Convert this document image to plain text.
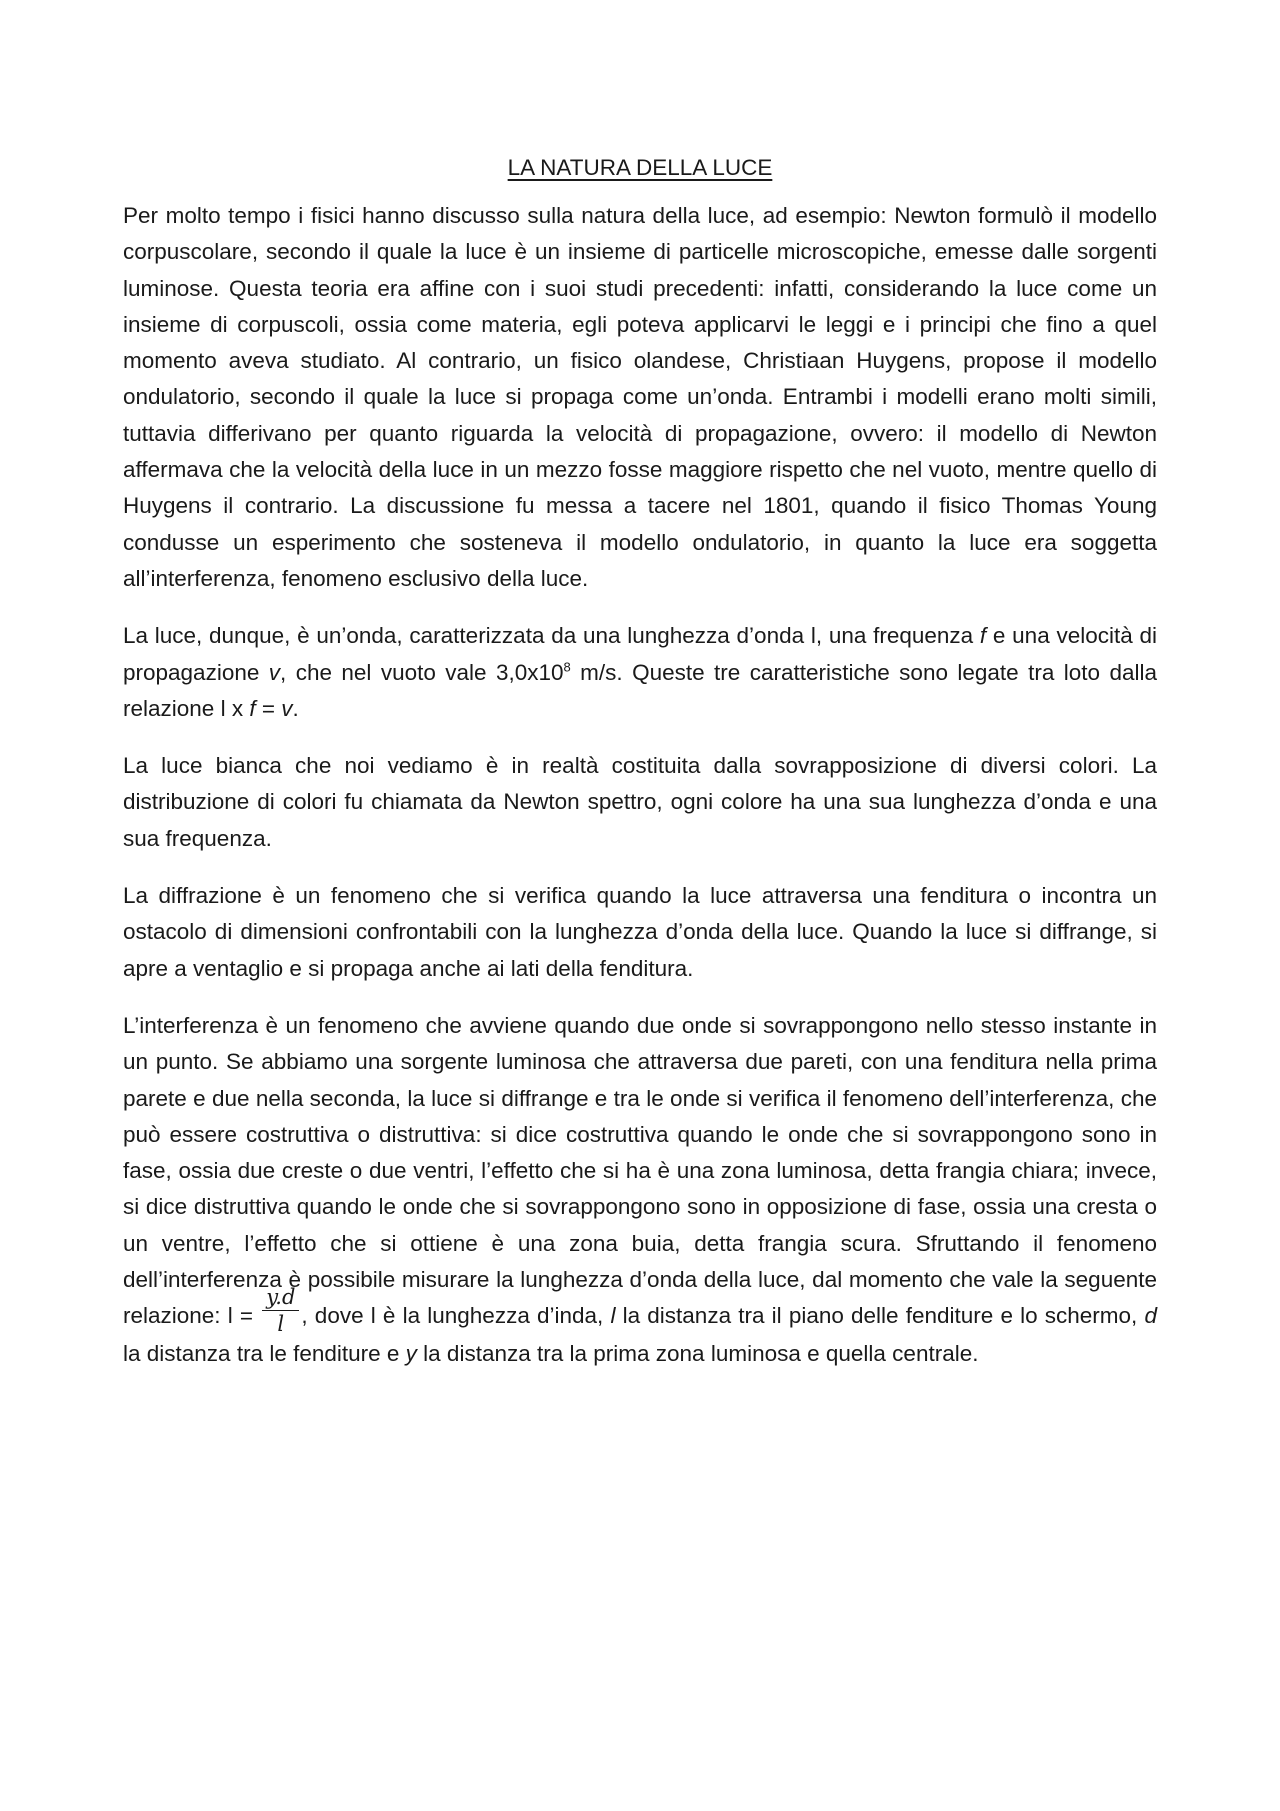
LA NATURA DELLA LUCE

Per molto tempo i fisici hanno discusso sulla natura della luce, ad esempio: Newton formulò il modello corpuscolare, secondo il quale la luce è un insieme di particelle microscopiche, emesse dalle sorgenti luminose. Questa teoria era affine con i suoi studi precedenti: infatti, considerando la luce come un insieme di corpuscoli, ossia come materia, egli poteva applicarvi le leggi e i principi che fino a quel momento aveva studiato. Al contrario, un fisico olandese, Christiaan Huygens, propose il modello ondulatorio, secondo il quale la luce si propaga come un’onda. Entrambi i modelli erano molti simili, tuttavia differivano per quanto riguarda la velocità di propagazione, ovvero: il modello di Newton affermava che la velocità della luce in un mezzo fosse maggiore rispetto che nel vuoto, mentre quello di Huygens il contrario. La discussione fu messa a tacere nel 1801, quando il fisico Thomas Young condusse un esperimento che sosteneva il modello ondulatorio, in quanto la luce era soggetta all’interferenza, fenomeno esclusivo della luce.

La luce, dunque, è un’onda, caratterizzata da una lunghezza d’onda l, una frequenza f e una velocità di propagazione v, che nel vuoto vale $3,0x10^8$ m/s. Queste tre caratteristiche sono legate tra loto dalla relazione l x f = v.

La luce bianca che noi vediamo è in realtà costituita dalla sovrapposizione di diversi colori. La distribuzione di colori fu chiamata da Newton spettro, ogni colore ha una sua lunghezza d’onda e una sua frequenza.

La diffrazione è un fenomeno che si verifica quando la luce attraversa una fenditura o incontra un ostacolo di dimensioni confrontabili con la lunghezza d’onda della luce. Quando la luce si diffrange, si apre a ventaglio e si propaga anche ai lati della fenditura.

L’interferenza è un fenomeno che avviene quando due onde si sovrappongono nello stesso instante in un punto. Se abbiamo una sorgente luminosa che attraversa due pareti, con una fenditura nella prima parete e due nella seconda, la luce si diffrange e tra le onde si verifica il fenomeno dell’interferenza, che può essere costruttiva o distruttiva: si dice costruttiva quando le onde che si sovrappongono sono in fase, ossia due creste o due ventri, l’effetto che si ha è una zona luminosa, detta frangia chiara; invece, si dice distruttiva quando le onde che si sovrappongono sono in opposizione di fase, ossia una cresta o un ventre, l’effetto che si ottiene è una zona buia, detta frangia scura. Sfruttando il fenomeno dell’interferenza è possibile misurare la lunghezza d’onda della luce, dal momento che vale la seguente relazione: $l = \frac{y.d}{l}$ , dove l è la lunghezza d’inda, l la distanza tra il piano delle fenditure e lo schermo, d la distanza tra le fenditure e y la distanza tra la prima zona luminosa e quella centrale.
